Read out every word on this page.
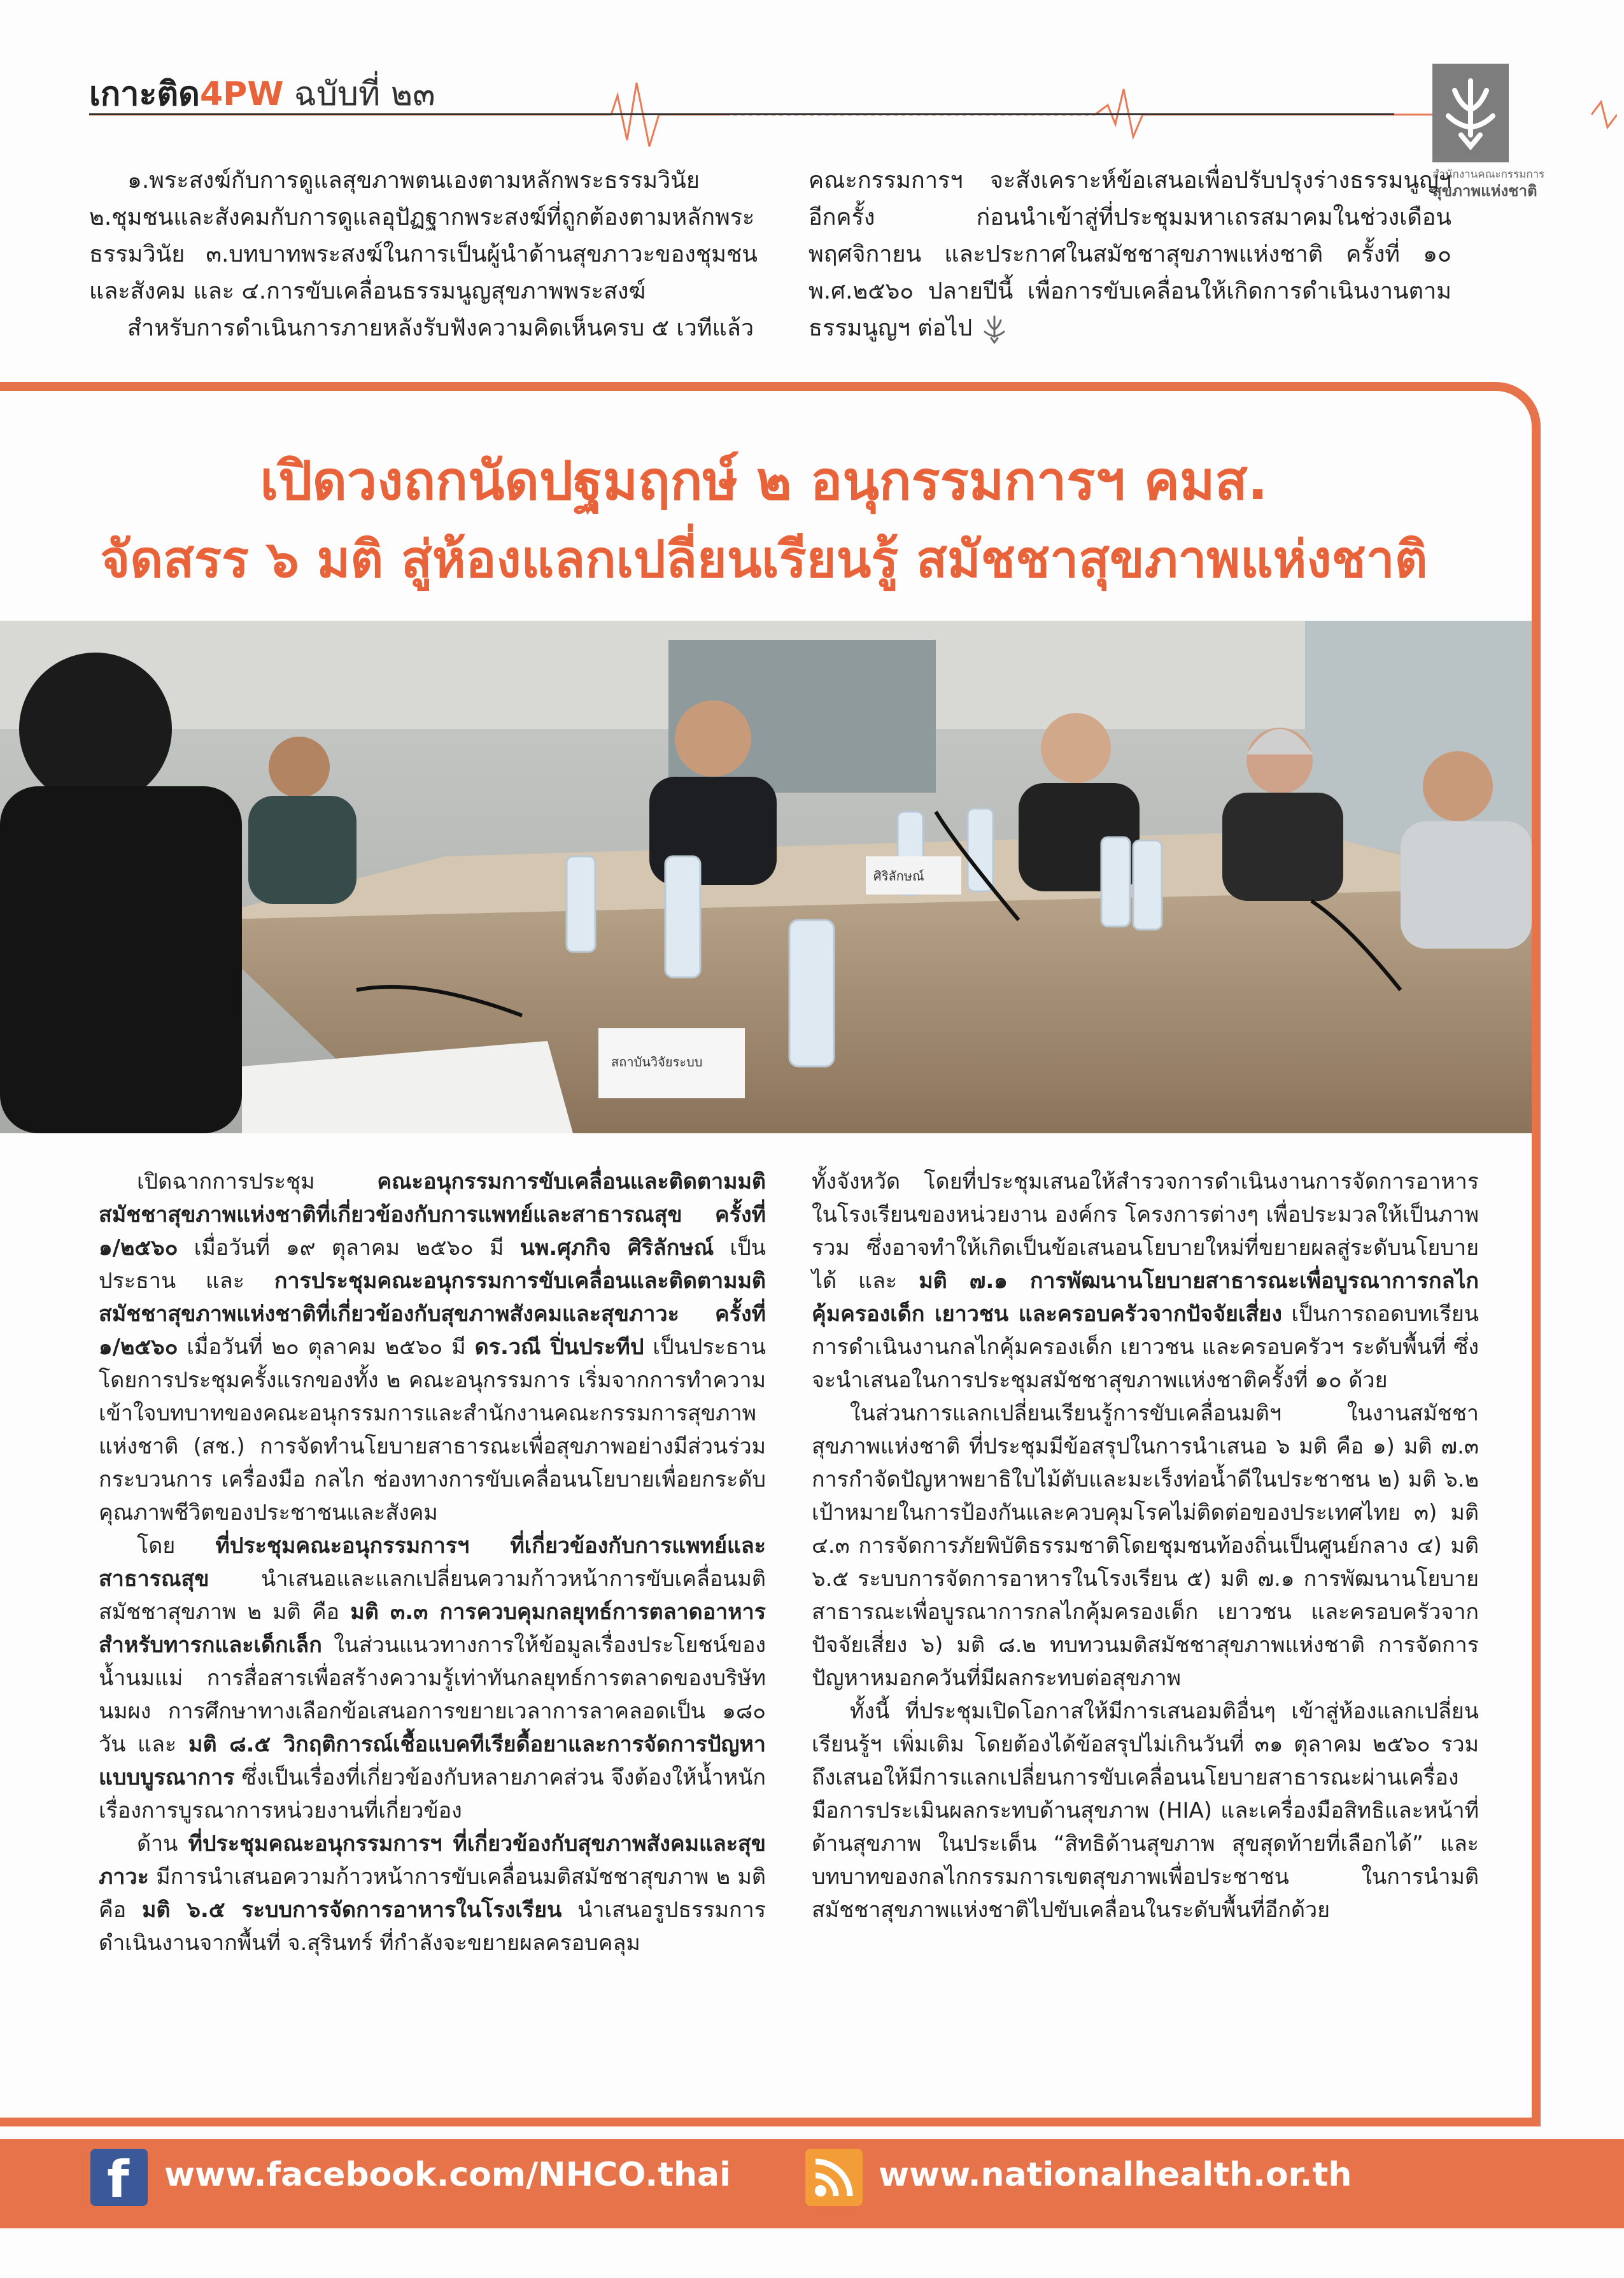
เกาะติด4PW ฉบับที่ ๒๓
สำนักงานคณะกรรมการ
สุขภาพแห่งชาติ

๑.พระสงฆ์กับการดูแลสุขภาพตนเองตามหลักพระธรรมวินัย ๒.ชุมชนและสังคมกับการดูแลอุปัฏฐากพระสงฆ์ที่ถูกต้องตามหลักพระธรรมวินัย ๓.บทบาทพระสงฆ์ในการเป็นผู้นำด้านสุขภาวะของชุมชนและสังคม และ ๔.การขับเคลื่อนธรรมนูญสุขภาพพระสงฆ์

สำหรับการดำเนินการภายหลังรับฟังความคิดเห็นครบ ๕ เวทีแล้ว

คณะกรรมการฯ จะสังเคราะห์ข้อเสนอเพื่อปรับปรุงร่างธรรมนูญฯ อีกครั้ง ก่อนนำเข้าสู่ที่ประชุมมหาเถรสมาคมในช่วงเดือนพฤศจิกายน และประกาศในสมัชชาสุขภาพแห่งชาติ ครั้งที่ ๑๐ พ.ศ.๒๕๖๐ ปลายปีนี้ เพื่อการขับเคลื่อนให้เกิดการดำเนินงานตามธรรมนูญฯ ต่อไป

เปิดวงถกนัดปฐมฤกษ์ ๒ อนุกรรมการฯ คมส.
จัดสรร ๖ มติ สู่ห้องแลกเปลี่ยนเรียนรู้ สมัชชาสุขภาพแห่งชาติ
ศิริลักษณ์
สถาบันวิจัยระบบ

เปิดฉากการประชุม คณะอนุกรรมการขับเคลื่อนและติดตามมติสมัชชาสุขภาพแห่งชาติที่เกี่ยวข้องกับการแพทย์และสาธารณสุข ครั้งที่ ๑/๒๕๖๐ เมื่อวันที่ ๑๙ ตุลาคม ๒๕๖๐ มี นพ.ศุภกิจ ศิริลักษณ์ เป็นประธาน และ การประชุมคณะอนุกรรมการขับเคลื่อนและติดตามมติสมัชชาสุขภาพแห่งชาติที่เกี่ยวข้องกับสุขภาพสังคมและสุขภาวะ ครั้งที่ ๑/๒๕๖๐ เมื่อวันที่ ๒๐ ตุลาคม ๒๕๖๐ มี ดร.วณี ปิ่นประทีป เป็นประธาน โดยการประชุมครั้งแรกของทั้ง ๒ คณะอนุกรรมการ เริ่มจากการทำความเข้าใจบทบาทของคณะอนุกรรมการและสำนักงานคณะกรรมการสุขภาพแห่งชาติ (สช.) การจัดทำนโยบายสาธารณะเพื่อสุขภาพอย่างมีส่วนร่วม กระบวนการ เครื่องมือ กลไก ช่องทางการขับเคลื่อนนโยบายเพื่อยกระดับคุณภาพชีวิตของประชาชนและสังคม

โดย ที่ประชุมคณะอนุกรรมการฯ ที่เกี่ยวข้องกับการแพทย์และสาธารณสุข นำเสนอและแลกเปลี่ยนความก้าวหน้าการขับเคลื่อนมติสมัชชาสุขภาพ ๒ มติ คือ มติ ๓.๓ การควบคุมกลยุทธ์การตลาดอาหารสำหรับทารกและเด็กเล็ก ในส่วนแนวทางการให้ข้อมูลเรื่องประโยชน์ของน้ำนมแม่ การสื่อสารเพื่อสร้างความรู้เท่าทันกลยุทธ์การตลาดของบริษัทนมผง การศึกษาทางเลือกข้อเสนอการขยายเวลาการลาคลอดเป็น ๑๘๐ วัน และ มติ ๘.๕ วิกฤติการณ์เชื้อแบคทีเรียดื้อยาและการจัดการปัญหาแบบบูรณาการ ซึ่งเป็นเรื่องที่เกี่ยวข้องกับหลายภาคส่วน จึงต้องให้น้ำหนักเรื่องการบูรณาการหน่วยงานที่เกี่ยวข้อง

ด้าน ที่ประชุมคณะอนุกรรมการฯ ที่เกี่ยวข้องกับสุขภาพสังคมและสุขภาวะ มีการนำเสนอความก้าวหน้าการขับเคลื่อนมติสมัชชาสุขภาพ ๒ มติ คือ มติ ๖.๕ ระบบการจัดการอาหารในโรงเรียน นำเสนอรูปธรรมการดำเนินงานจากพื้นที่ จ.สุรินทร์ ที่กำลังจะขยายผลครอบคลุม

ทั้งจังหวัด โดยที่ประชุมเสนอให้สำรวจการดำเนินงานการจัดการอาหารในโรงเรียนของหน่วยงาน องค์กร โครงการต่างๆ เพื่อประมวลให้เป็นภาพรวม ซึ่งอาจทำให้เกิดเป็นข้อเสนอนโยบายใหม่ที่ขยายผลสู่ระดับนโยบายได้ และ มติ ๗.๑ การพัฒนานโยบายสาธารณะเพื่อบูรณาการกลไกคุ้มครองเด็ก เยาวชน และครอบครัวจากปัจจัยเสี่ยง เป็นการถอดบทเรียนการดำเนินงานกลไกคุ้มครองเด็ก เยาวชน และครอบครัวฯ ระดับพื้นที่ ซึ่งจะนำเสนอในการประชุมสมัชชาสุขภาพแห่งชาติครั้งที่ ๑๐ ด้วย

ในส่วนการแลกเปลี่ยนเรียนรู้การขับเคลื่อนมติฯ ในงานสมัชชาสุขภาพแห่งชาติ ที่ประชุมมีข้อสรุปในการนำเสนอ ๖ มติ คือ ๑) มติ ๗.๓ การกำจัดปัญหาพยาธิใบไม้ตับและมะเร็งท่อน้ำดีในประชาชน ๒) มติ ๖.๒ เป้าหมายในการป้องกันและควบคุมโรคไม่ติดต่อของประเทศไทย ๓) มติ ๔.๓ การจัดการภัยพิบัติธรรมชาติโดยชุมชนท้องถิ่นเป็นศูนย์กลาง ๔) มติ ๖.๕ ระบบการจัดการอาหารในโรงเรียน ๕) มติ ๗.๑ การพัฒนานโยบายสาธารณะเพื่อบูรณาการกลไกคุ้มครองเด็ก เยาวชน และครอบครัวจากปัจจัยเสี่ยง ๖) มติ ๘.๒ ทบทวนมติสมัชชาสุขภาพแห่งชาติ การจัดการปัญหาหมอกควันที่มีผลกระทบต่อสุขภาพ

ทั้งนี้ ที่ประชุมเปิดโอกาสให้มีการเสนอมติอื่นๆ เข้าสู่ห้องแลกเปลี่ยนเรียนรู้ฯ เพิ่มเติม โดยต้องได้ข้อสรุปไม่เกินวันที่ ๓๑ ตุลาคม ๒๕๖๐ รวมถึงเสนอให้มีการแลกเปลี่ยนการขับเคลื่อนนโยบายสาธารณะผ่านเครื่องมือการประเมินผลกระทบด้านสุขภาพ (HIA) และเครื่องมือสิทธิและหน้าที่ด้านสุขภาพ ในประเด็น “สิทธิด้านสุขภาพ สุขสุดท้ายที่เลือกได้” และบทบาทของกลไกกรรมการเขตสุขภาพเพื่อประชาชน ในการนำมติสมัชชาสุขภาพแห่งชาติไปขับเคลื่อนในระดับพื้นที่อีกด้วย

f www.facebook.com/NHCO.thai	www.nationalhealth.or.th
